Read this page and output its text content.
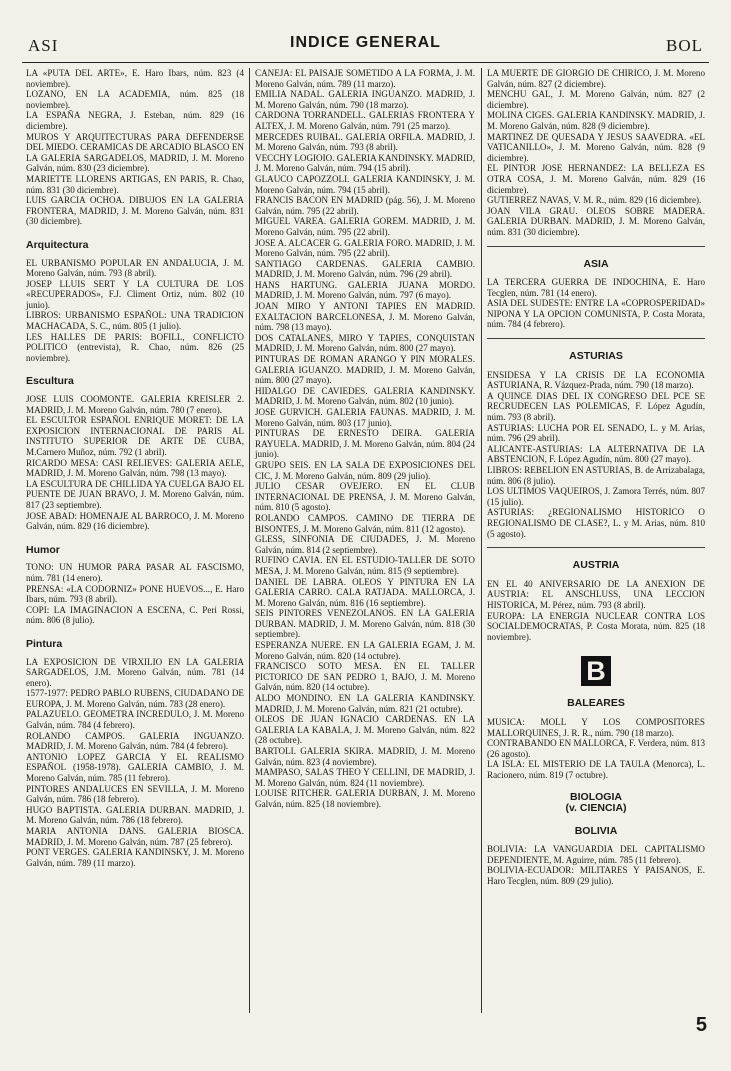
ASI	INDICE GENERAL	BOL
LA «PUTA DEL ARTE», E. Haro Ibars, núm. 823 (4 noviembre).
LOZANO, EN LA ACADEMIA, núm. 825 (18 noviembre).
LA ESPAÑA NEGRA, J. Esteban, núm. 829 (16 diciembre).
MUROS Y ARQUITECTURAS PARA DEFENDERSE DEL MIEDO. CERAMICAS DE ARCADIO BLASCO EN LA GALERIA SARGADELOS, MADRID, J. M. Moreno Galván, núm. 830 (23 diciembre).
MARIETTE LLORENS ARTIGAS, EN PARIS, R. Chao, núm. 831 (30 diciembre).
LUIS GARCIA OCHOA. DIBUJOS EN LA GALERIA FRONTERA, MADRID, J. M. Moreno Galván, núm. 831 (30 diciembre).
Arquitectura
EL URBANISMO POPULAR EN ANDALUCIA, J. M. Moreno Galván, núm. 793 (8 abril).
JOSEP LLUIS SERT Y LA CULTURA DE LOS «RECUPERADOS», F.J. Climent Ortiz, núm. 802 (10 junio).
LIBROS: URBANISMO ESPAÑOL: UNA TRADICION MACHACADA, S. C., núm. 805 (1 julio).
LES HALLES DE PARIS: BOFILL, CONFLICTO POLITICO (entrevista), R. Chao, núm. 826 (25 noviembre).
Escultura
JOSE LUIS COOMONTE. GALERIA KREISLER 2. MADRID, J. M. Moreno Galván, núm. 780 (7 enero).
EL ESCULTOR ESPAÑOL ENRIQUE MORET: DE LA EXPOSICION INTERNACIONAL DE PARIS AL INSTITUTO SUPERIOR DE ARTE DE CUBA, M.Carnero Muñoz, núm. 792 (1 abril).
RICARDO MESA: CASI RELIEVES: GALERIA AELE, MADRID, J. M. Moreno Galván, núm. 798 (13 mayo).
LA ESCULTURA DE CHILLIDA YA CUELGA BAJO EL PUENTE DE JUAN BRAVO, J. M. Moreno Galván, núm. 817 (23 septiembre).
JOSE ABAD: HOMENAJE AL BARROCO, J. M. Moreno Galván, núm. 829 (16 diciembre).
Humor
TONO: UN HUMOR PARA PASAR AL FASCISMO, núm. 781 (14 enero).
PRENSA: «LA CODORNIZ» PONE HUEVOS..., E. Haro Ibars, núm. 793 (8 abril).
COPI: LA IMAGINACION A ESCENA, C. Peri Rossi, núm. 806 (8 julio).
Pintura
LA EXPOSICION DE VIRXILIO EN LA GALERIA SARGADELOS, J.M. Moreno Galván, núm. 781 (14 enero).
1577-1977: PEDRO PABLO RUBENS, CIUDADANO DE EUROPA, J. M. Moreno Galván, núm. 783 (28 enero).
PALAZUELO. GEOMETRA INCREDULO, J. M. Moreno Galván, núm. 784 (4 febrero).
ROLANDO CAMPOS. GALERIA INGUANZO. MADRID, J. M. Moreno Galván, núm. 784 (4 febrero).
ANTONIO LOPEZ GARCIA Y EL REALISMO ESPAÑOL (1958-1978). GALERIA CAMBIO, J. M. Moreno Galván, núm. 785 (11 febrero).
PINTORES ANDALUCES EN SEVILLA, J. M. Moreno Galván, núm. 786 (18 febrero).
HUGO BAPTISTA. GALERIA DURBAN. MADRID, J. M. Moreno Galván, núm. 786 (18 febrero).
MARIA ANTONIA DANS. GALERIA BIOSCA. MADRID, J. M. Moreno Galván, núm. 787 (25 febrero).
PONT VERGES. GALERIA KANDINSKY, J. M. Moreno Galván, núm. 789 (11 marzo).
CANEJA: EL PAISAJE SOMETIDO A LA FORMA, J. M. Moreno Galván, núm. 789 (11 marzo).
EMILIA NADAL. GALERIA INGUANZO. MADRID, J. M. Moreno Galván, núm. 790 (18 marzo).
CARDONA TORRANDELL. GALERIAS FRONTERA Y ALTEX, J. M. Moreno Galván, núm. 791 (25 marzo).
MERCEDES RUIBAL. GALERIA ORFILA. MADRID, J. M. Moreno Galván, núm. 793 (8 abril).
VECCHY LOGIOIO. GALERIA KANDINSKY. MADRID, J. M. Moreno Galván, núm. 794 (15 abril).
GLAUCO CAPOZZOLI. GALERIA KANDINSKY, J. M. Moreno Galván, núm. 794 (15 abril).
FRANCIS BACON EN MADRID (pág. 56), J. M. Moreno Galván, núm. 795 (22 abril).
MIGUEL VAREA. GALERIA GOREM. MADRID, J. M. Moreno Galván, núm. 795 (22 abril).
JOSE A. ALCACER G. GALERIA FORO. MADRID, J. M. Moreno Galván, núm. 795 (22 abril).
SANTIAGO CARDENAS. GALERIA CAMBIO. MADRID, J. M. Moreno Galván, núm. 796 (29 abril).
HANS HARTUNG. GALERIA JUANA MORDO. MADRID, J. M. Moreno Galván, núm. 797 (6 mayo).
JOAN MIRO Y ANTONI TAPIES EN MADRID. EXALTACION BARCELONESA, J. M. Moreno Galván, núm. 798 (13 mayo).
DOS CATALANES, MIRO Y TAPIES, CONQUISTAN MADRID, J. M. Moreno Galván, núm. 800 (27 mayo).
PINTURAS DE ROMAN ARANGO Y PIN MORALES. GALERIA IGUANZO. MADRID, J. M. Moreno Galván, núm. 800 (27 mayo).
HIDALGO DE CAVIEDES. GALERIA KANDINSKY. MADRID, J. M. Moreno Galván, núm. 802 (10 junio).
JOSE GURVICH. GALERIA FAUNAS. MADRID, J. M. Moreno Galván, núm. 803 (17 junio).
PINTURAS DE ERNESTO DEIRA. GALERIA RAYUELA. MADRID, J. M. Moreno Galván, núm. 804 (24 junio).
GRUPO SEIS. EN LA SALA DE EXPOSICIONES DEL CIC, J. M. Moreno Galván, núm. 809 (29 julio).
JULIO CESAR OVEJERO. EN EL CLUB INTERNACIONAL DE PRENSA, J. M. Moreno Galván, núm. 810 (5 agosto).
ROLANDO CAMPOS. CAMINO DE TIERRA DE BISONTES, J. M. Moreno Galván, núm. 811 (12 agosto).
GLESS, SINFONIA DE CIUDADES, J. M. Moreno Galván, núm. 814 (2 septiembre).
RUFINO CAVIA. EN EL ESTUDIO-TALLER DE SOTO MESA, J. M. Moreno Galván, núm. 815 (9 septiembre).
DANIEL DE LABRA. OLEOS Y PINTURA EN LA GALERIA CARRO. CALA RATJADA. MALLORCA, J. M. Moreno Galván, núm. 816 (16 septiembre).
SEIS PINTORES VENEZOLANOS. EN LA GALERIA DURBAN. MADRID, J. M. Moreno Galván, núm. 818 (30 septiembre).
ESPERANZA NUERE. EN LA GALERIA EGAM, J. M. Moreno Galván, núm. 820 (14 octubre).
FRANCISCO SOTO MESA. EN EL TALLER PICTORICO DE SAN PEDRO 1, BAJO, J. M. Moreno Galván, núm. 820 (14 octubre).
ALDO MONDINO. EN LA GALERIA KANDINSKY. MADRID, J. M. Moreno Galván, núm. 821 (21 octubre).
OLEOS DE JUAN IGNACIO CARDENAS. EN LA GALERIA LA KABALA, J. M. Moreno Galván, núm. 822 (28 octubre).
BARTOLI. GALERIA SKIRA. MADRID, J. M. Moreno Galván, núm. 823 (4 noviembre).
MAMPASO, SALAS THEO Y CELLINI, DE MADRID, J. M. Moreno Galván, núm. 824 (11 noviembre).
LOUISE RITCHER. GALERIA DURBAN, J. M. Moreno Galván, núm. 825 (18 noviembre).
LA MUERTE DE GIORGIO DE CHIRICO, J. M. Moreno Galván, núm. 827 (2 diciembre).
MENCHU GAL, J. M. Moreno Galván, núm. 827 (2 diciembre).
MOLINA CIGES. GALERIA KANDINSKY. MADRID, J. M. Moreno Galván, núm. 828 (9 diciembre).
MARTINEZ DE QUESADA Y JESUS SAAVEDRA. «EL VATICANILLO», J. M. Moreno Galván, núm. 828 (9 diciembre).
EL PINTOR JOSE HERNANDEZ: LA BELLEZA ES OTRA COSA, J. M. Moreno Galván, núm. 829 (16 diciembre).
GUTIERREZ NAVAS, V. M. R., núm. 829 (16 diciembre).
JOAN VILA GRAU. OLEOS SOBRE MADERA. GALERIA DURBAN. MADRID, J. M. Moreno Galván, núm. 831 (30 diciembre).
ASIA
LA TERCERA GUERRA DE INDOCHINA, E. Haro Tecglen, núm. 781 (14 enero).
ASIA DEL SUDESTE: ENTRE LA «COPROSPERIDAD» NIPONA Y LA OPCION COMUNISTA, P. Costa Morata, núm. 784 (4 febrero).
ASTURIAS
ENSIDESA Y LA CRISIS DE LA ECONOMIA ASTURIANA, R. Vázquez-Prada, núm. 790 (18 marzo).
A QUINCE DIAS DEL IX CONGRESO DEL PCE SE RECRUDECEN LAS POLEMICAS, F. López Agudín, núm. 793 (8 abril).
ASTURIAS: LUCHA POR EL SENADO, L. y M. Arias, núm. 796 (29 abril).
ALICANTE-ASTURIAS: LA ALTERNATIVA DE LA ABSTENCION, F. López Agudín, núm. 800 (27 mayo).
LIBROS: REBELION EN ASTURIAS, B. de Arrizabalaga, núm. 806 (8 julio).
LOS ULTIMOS VAQUEIROS, J. Zamora Terrés, núm. 807 (15 julio).
ASTURIAS: ¿REGIONALISMO HISTORICO O REGIONALISMO DE CLASE?, L. y M. Arias, núm. 810 (5 agosto).
AUSTRIA
EN EL 40 ANIVERSARIO DE LA ANEXION DE AUSTRIA: EL ANSCHLUSS, UNA LECCION HISTORICA, M. Pérez, núm. 793 (8 abril).
EUROPA: LA ENERGIA NUCLEAR CONTRA LOS SOCIALDEMOCRATAS, P. Costa Morata, núm. 825 (18 noviembre).
B
BALEARES
MUSICA: MOLL Y LOS COMPOSITORES MALLORQUINES, J. R. R., núm. 790 (18 marzo).
CONTRABANDO EN MALLORCA, F. Verdera, núm. 813 (26 agosto).
LA ISLA: EL MISTERIO DE LA TAULA (Menorca), L. Racionero, núm. 819 (7 octubre).
BIOLOGIA
(v. CIENCIA)
BOLIVIA
BOLIVIA: LA VANGUARDIA DEL CAPITALISMO DEPENDIENTE, M. Aguirre, núm. 785 (11 febrero).
BOLIVIA-ECUADOR: MILITARES Y PAISANOS, E. Haro Tecglen, núm. 809 (29 julio).
5
